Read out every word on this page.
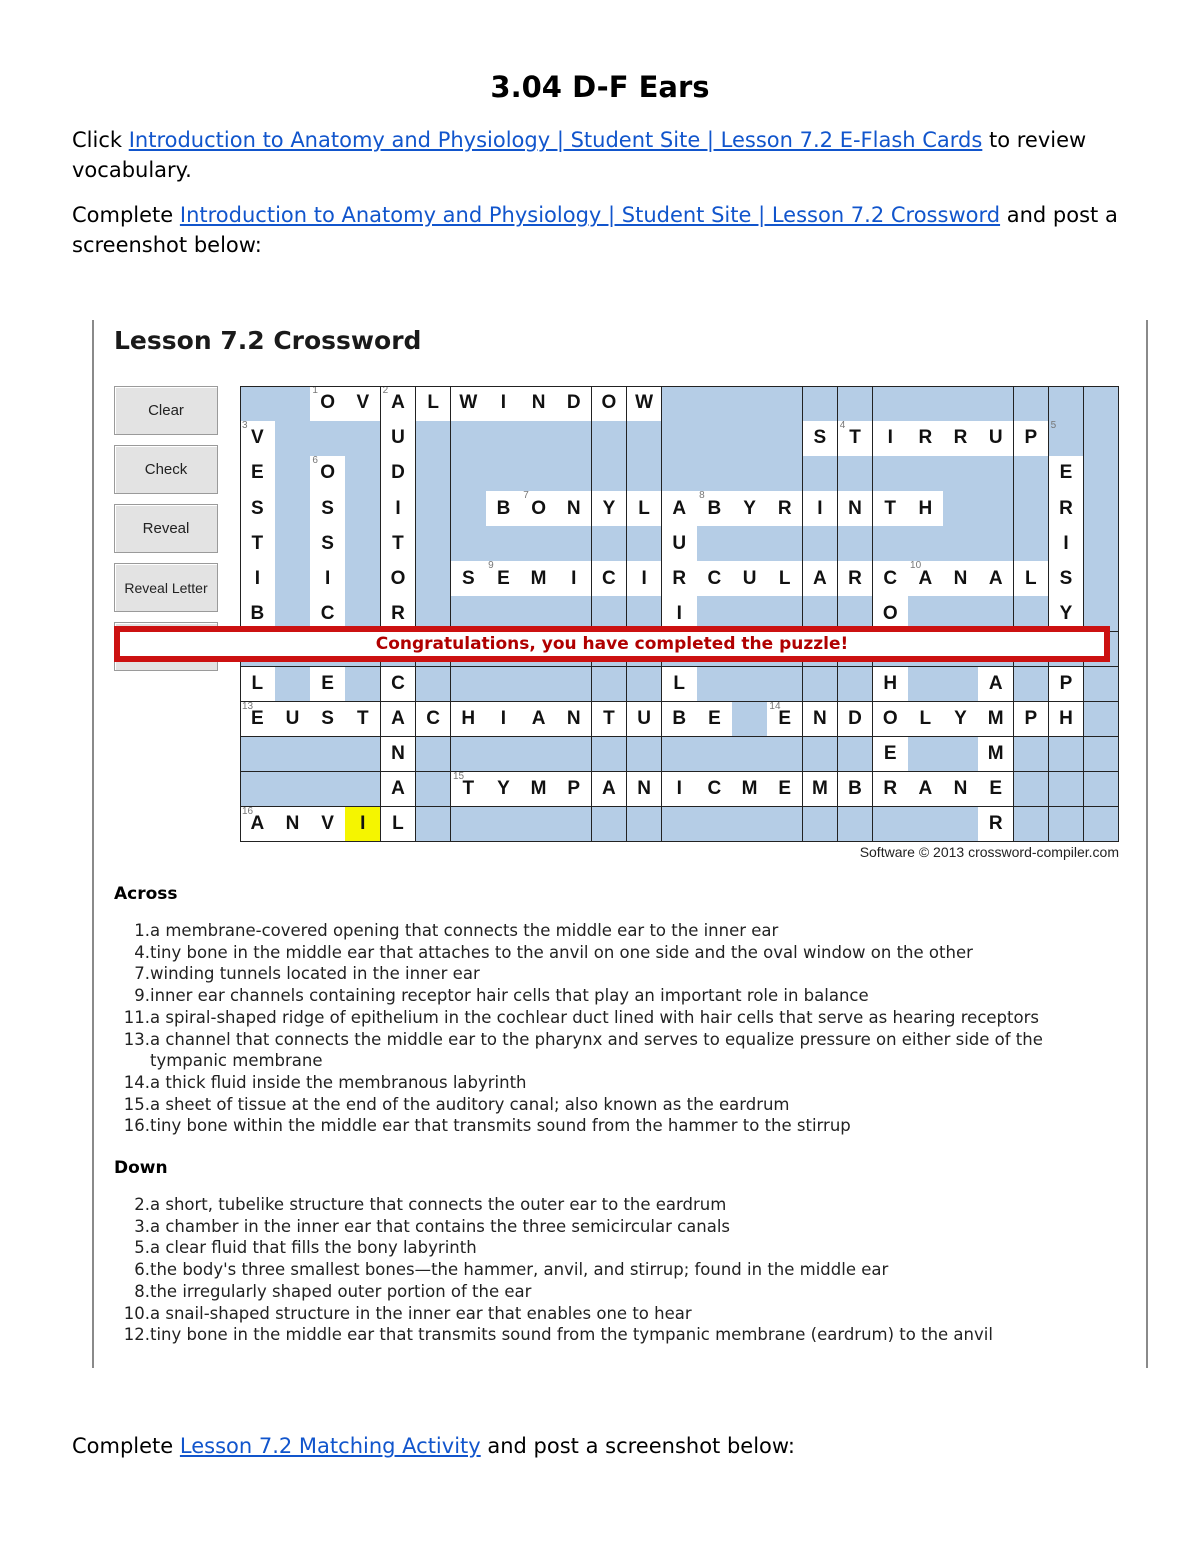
3.04 D-F Ears
Click Introduction to Anatomy and Physiology | Student Site | Lesson 7.2 E-Flash Cards to review vocabulary.
Complete Introduction to Anatomy and Physiology | Student Site | Lesson 7.2 Crossword and post a screenshot below:
Lesson 7.2 Crossword
Clear
Check
Reveal
Reveal Letter
1
O	V
2
A	L	W	I	N	D	O W
3
V	U	S
4
T	I	R	R	U	P
5
E
6
O	D	E
S	S	I	B
7
O	N	Y	L	A
8
B	Y	R	I	N	T	H	R
T	S	T	U	I
I	I	O	S
9
E	M	I	C	I	R	C	U	L	A	R	C
10
A	N	A	L	S
B	C	R	I	O	Y
L	E	C	L	H	A	P
13
E	U	S	T	A	C	H	I	A	N	T	U	B	E
14
E	N	D	O	L	Y	M	P	H
N	E	M
A
15
T	Y	M	P	A	N	I	C	M	E	M	B	R	A	N	E
16
A	N	V	I	L	R
Congratulations, you have completed the puzzle!
Software © 2013 crossword-compiler.com
Across
1. a membrane-covered opening that connects the middle ear to the inner ear
4. tiny bone in the middle ear that attaches to the anvil on one side and the oval window on the other
7. winding tunnels located in the inner ear
9. inner ear channels containing receptor hair cells that play an important role in balance
11. a spiral-shaped ridge of epithelium in the cochlear duct lined with hair cells that serve as hearing receptors
13. a channel that connects the middle ear to the pharynx and serves to equalize pressure on either side of the tympanic membrane
14. a thick fluid inside the membranous labyrinth
15. a sheet of tissue at the end of the auditory canal; also known as the eardrum
16. tiny bone within the middle ear that transmits sound from the hammer to the stirrup
Down
2. a short, tubelike structure that connects the outer ear to the eardrum
3. a chamber in the inner ear that contains the three semicircular canals
5. a clear fluid that fills the bony labyrinth
6. the body's three smallest bones—the hammer, anvil, and stirrup; found in the middle ear
8. the irregularly shaped outer portion of the ear
10. a snail-shaped structure in the inner ear that enables one to hear
12. tiny bone in the middle ear that transmits sound from the tympanic membrane (eardrum) to the anvil
Complete Lesson 7.2 Matching Activity and post a screenshot below:
